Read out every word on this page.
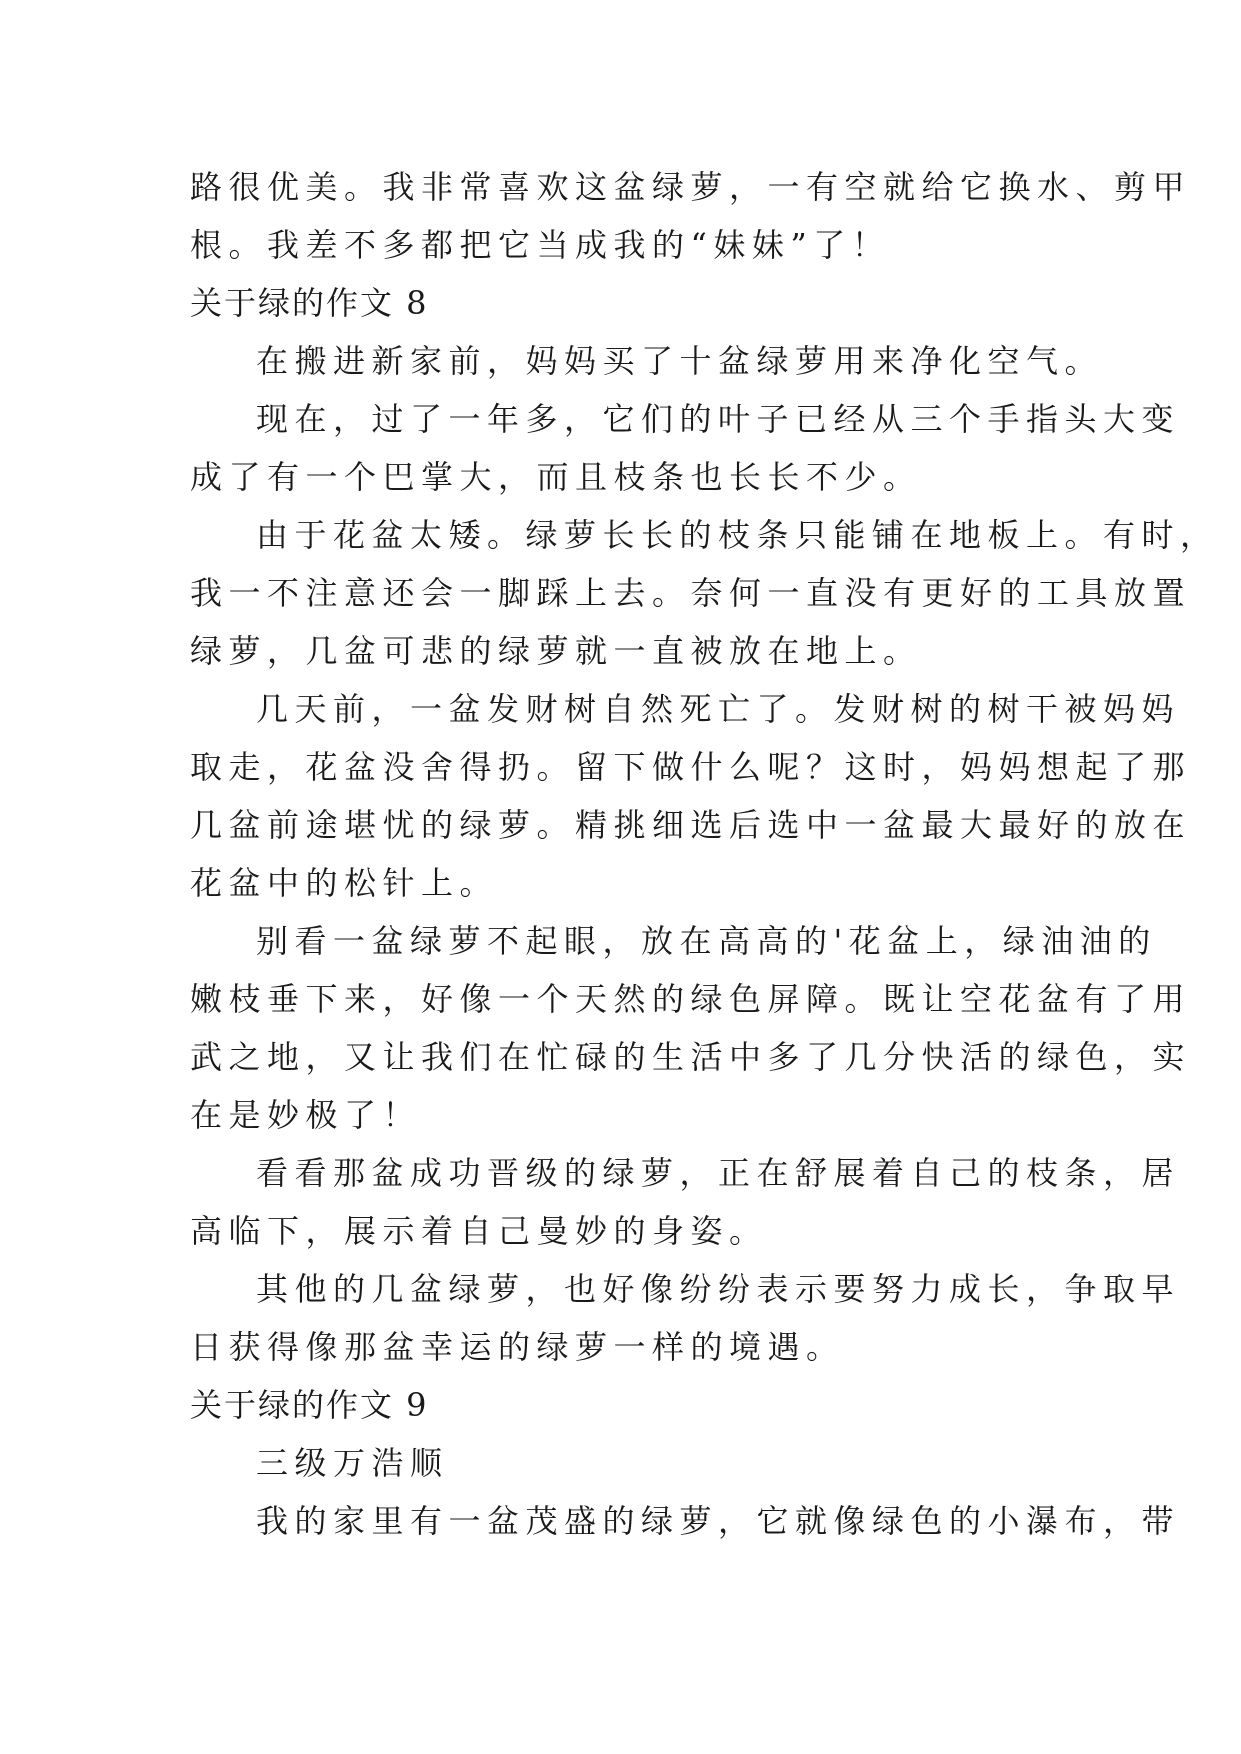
路很优美。我非常喜欢这盆绿萝，一有空就给它换水、剪甲
根。我差不多都把它当成我的“妹妹”了！
关于绿的作文 8
在搬进新家前，妈妈买了十盆绿萝用来净化空气。
现在，过了一年多，它们的叶子已经从三个手指头大变
成了有一个巴掌大，而且枝条也长长不少。
由于花盆太矮。绿萝长长的枝条只能铺在地板上。有时，
我一不注意还会一脚踩上去。奈何一直没有更好的工具放置
绿萝，几盆可悲的绿萝就一直被放在地上。
几天前，一盆发财树自然死亡了。发财树的树干被妈妈
取走，花盆没舍得扔。留下做什么呢？这时，妈妈想起了那
几盆前途堪忧的绿萝。精挑细选后选中一盆最大最好的放在
花盆中的松针上。
别看一盆绿萝不起眼，放在高高的'花盆上，绿油油的
嫩枝垂下来，好像一个天然的绿色屏障。既让空花盆有了用
武之地，又让我们在忙碌的生活中多了几分快活的绿色，实
在是妙极了！
看看那盆成功晋级的绿萝，正在舒展着自己的枝条，居
高临下，展示着自己曼妙的身姿。
其他的几盆绿萝，也好像纷纷表示要努力成长，争取早
日获得像那盆幸运的绿萝一样的境遇。
关于绿的作文 9
三级万浩顺
我的家里有一盆茂盛的绿萝，它就像绿色的小瀑布，带
